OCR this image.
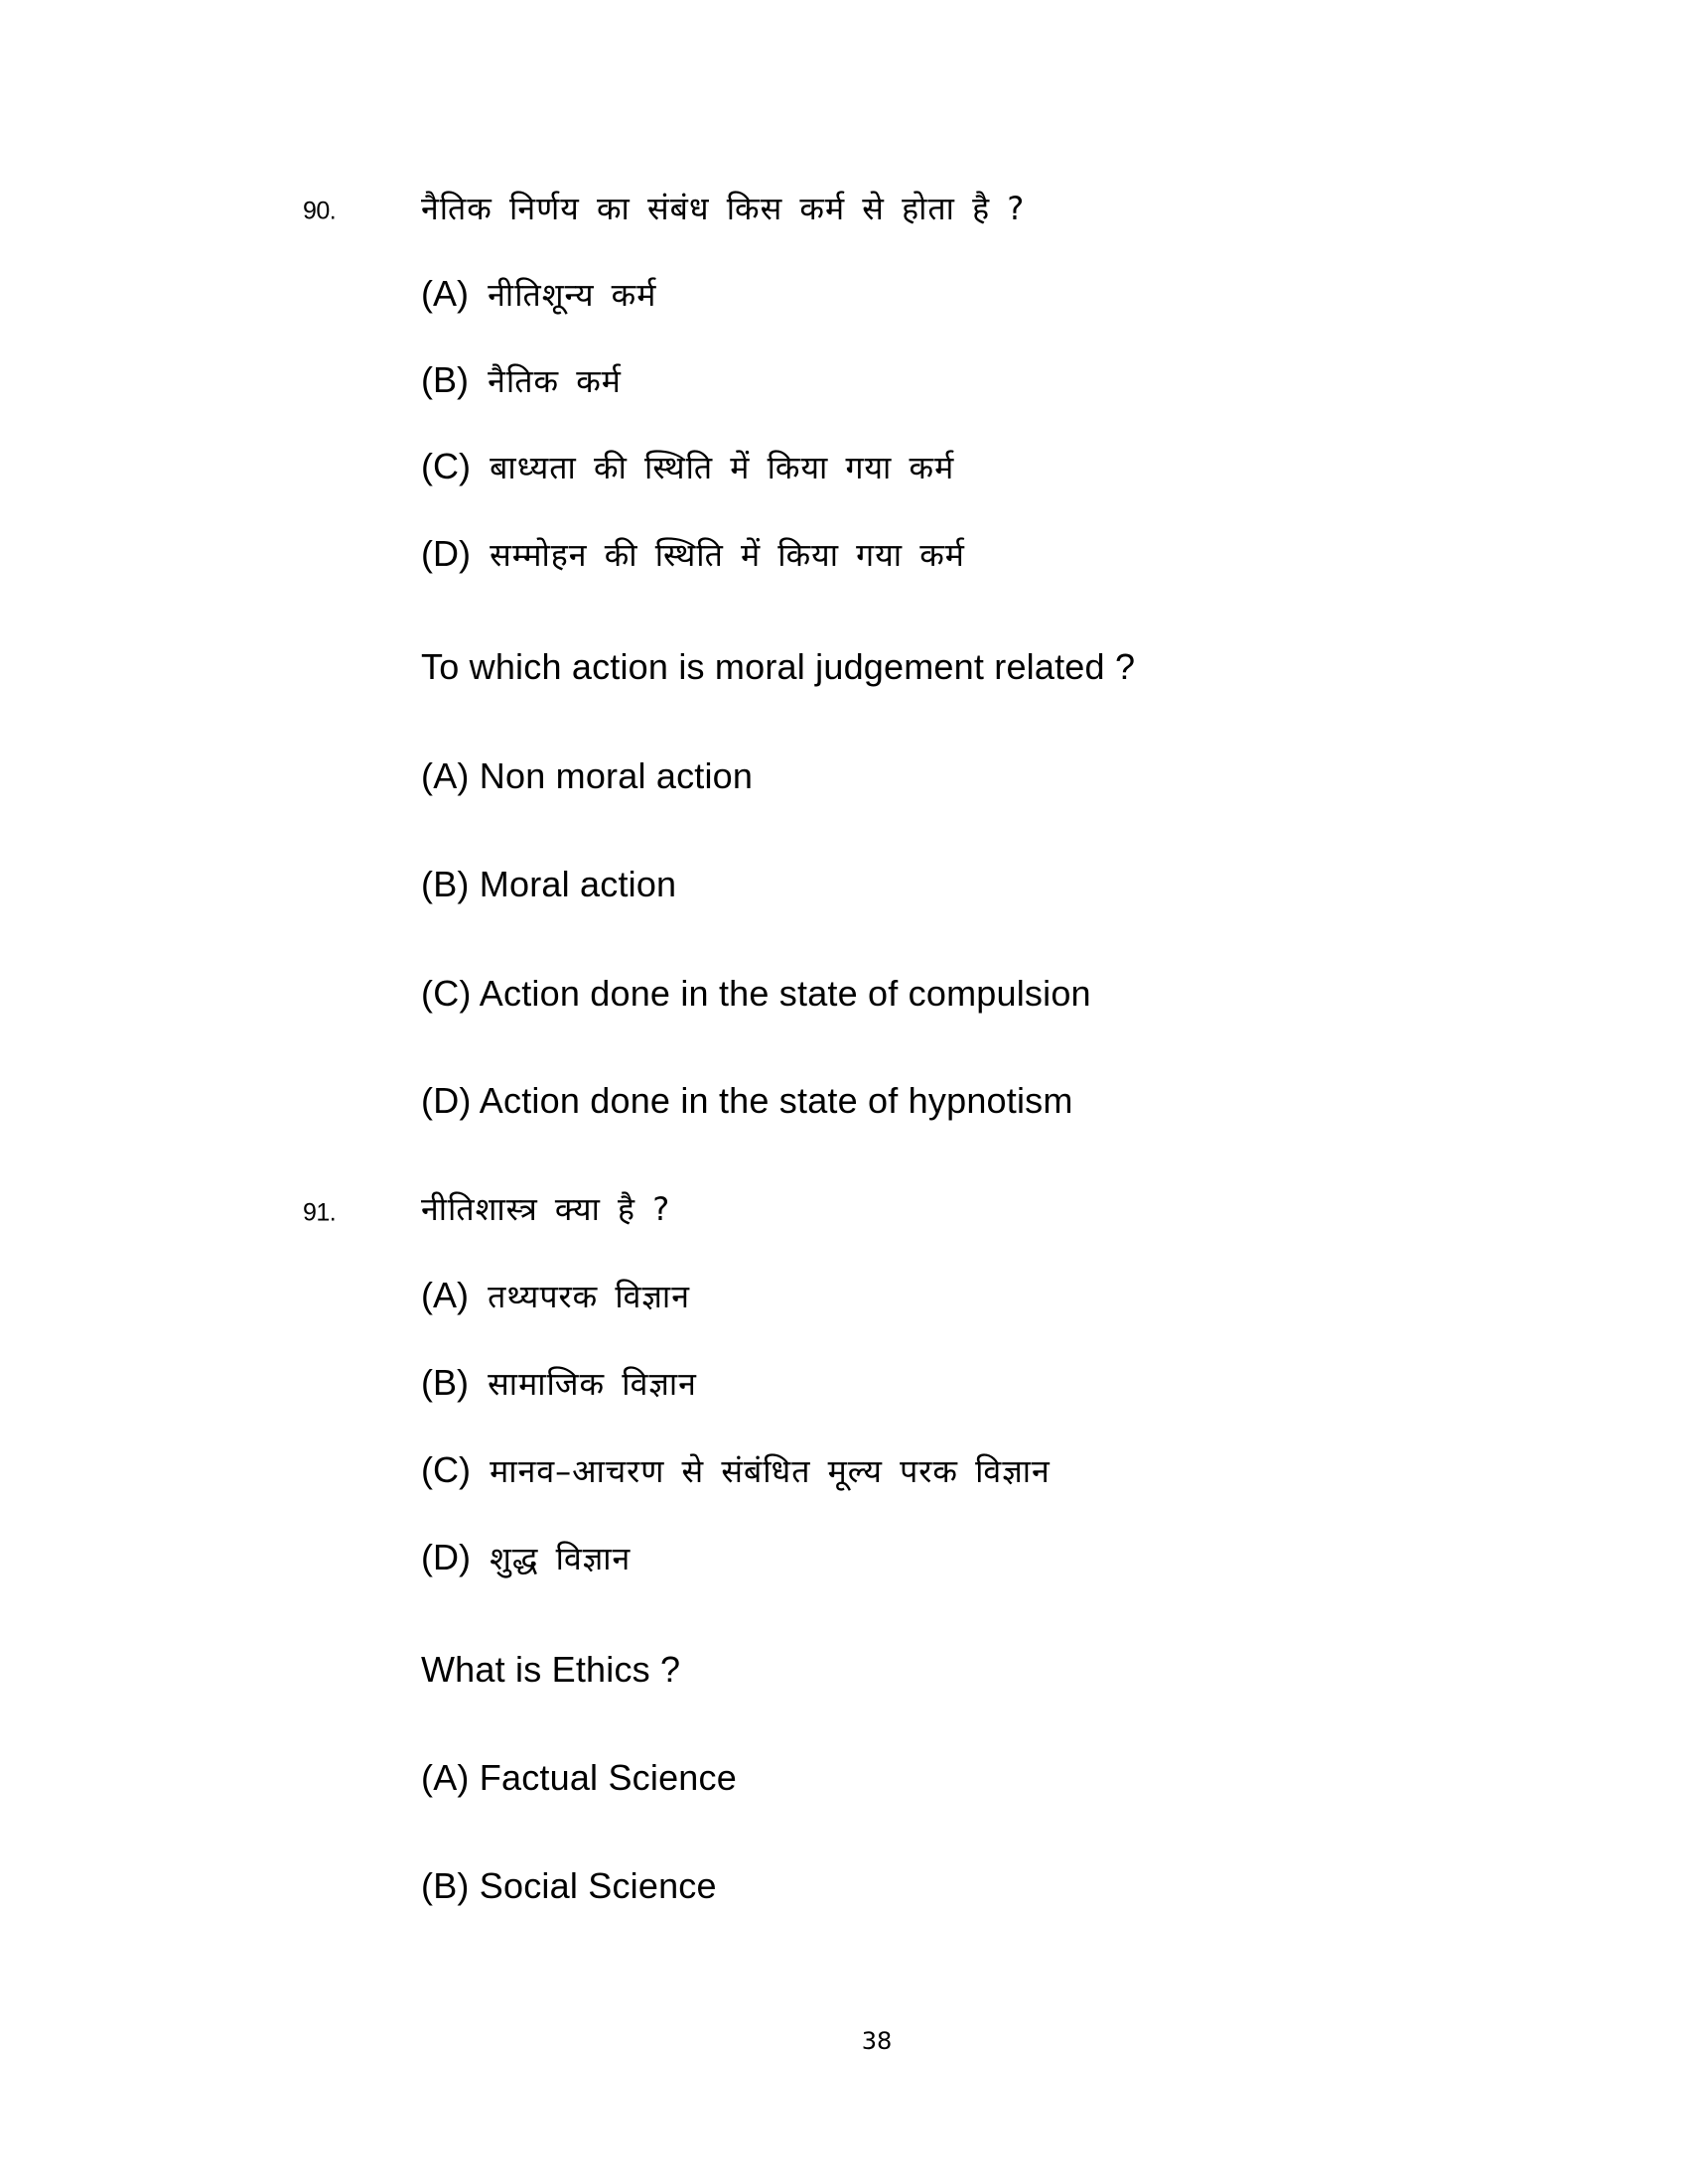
90.	नैतिक निर्णय का संबंध किस कर्म से होता है ?
(A) नीतिशून्य कर्म
(B) नैतिक कर्म
(C) बाध्यता की स्थिति में किया गया कर्म
(D) सम्मोहन की स्थिति में किया गया कर्म
To which action is moral judgement related ?
(A) Non moral action
(B) Moral action
(C) Action done in the state of compulsion
(D) Action done in the state of hypnotism
91.	नीतिशास्त्र क्या है ?
(A) तथ्यपरक विज्ञान
(B) सामाजिक विज्ञान
(C) मानव–आचरण से संबंधित मूल्य परक विज्ञान
(D) शुद्ध विज्ञान
What is Ethics ?
(A) Factual Science
(B) Social Science
38
